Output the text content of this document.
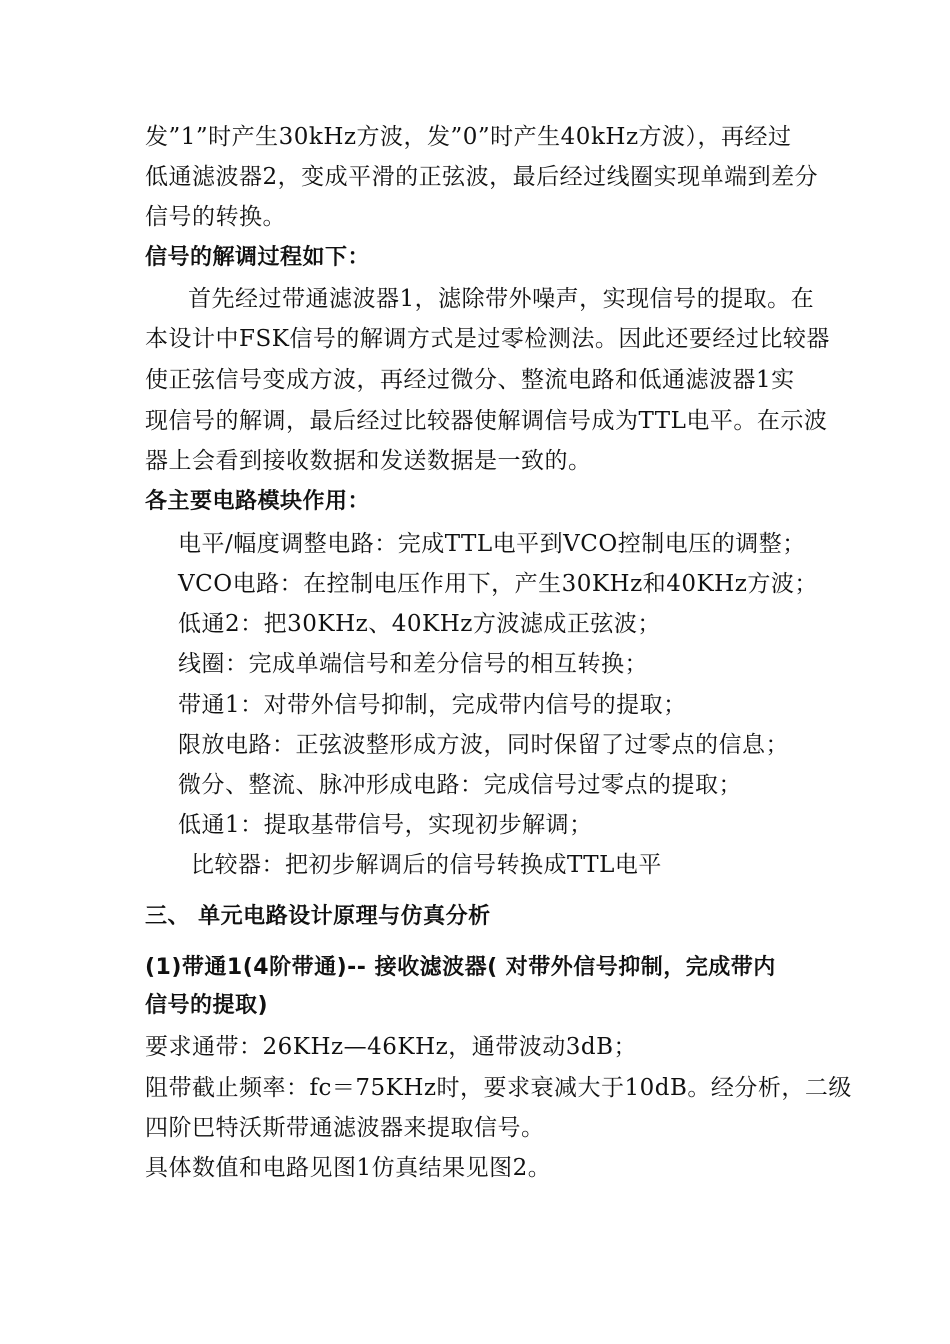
发”1”时产生30kHz方波，发”0”时产生40kHz方波），再经过
低通滤波器2，变成平滑的正弦波，最后经过线圈实现单端到差分
信号的转换。
信号的解调过程如下：
首先经过带通滤波器1，滤除带外噪声，实现信号的提取。在
本设计中FSK信号的解调方式是过零检测法。因此还要经过比较器
使正弦信号变成方波，再经过微分、整流电路和低通滤波器1实
现信号的解调，最后经过比较器使解调信号成为TTL电平。在示波
器上会看到接收数据和发送数据是一致的。
各主要电路模块作用：
电平/幅度调整电路：完成TTL电平到VCO控制电压的调整；
VCO电路：在控制电压作用下，产生30KHz和40KHz方波；
低通2：把30KHz、40KHz方波滤成正弦波；
线圈：完成单端信号和差分信号的相互转换；
带通1：对带外信号抑制，完成带内信号的提取；
限放电路：正弦波整形成方波，同时保留了过零点的信息；
微分、整流、脉冲形成电路：完成信号过零点的提取；
低通1：提取基带信号，实现初步解调；
比较器：把初步解调后的信号转换成TTL电平
三、 单元电路设计原理与仿真分析
(1)带通1(4阶带通)-- 接收滤波器( 对带外信号抑制，完成带内
信号的提取)
要求通带：26KHz—46KHz，通带波动3dB；
阻带截止频率：fc＝75KHz时，要求衰减大于10dB。经分析，二级
四阶巴特沃斯带通滤波器来提取信号。
具体数值和电路见图1仿真结果见图2。
